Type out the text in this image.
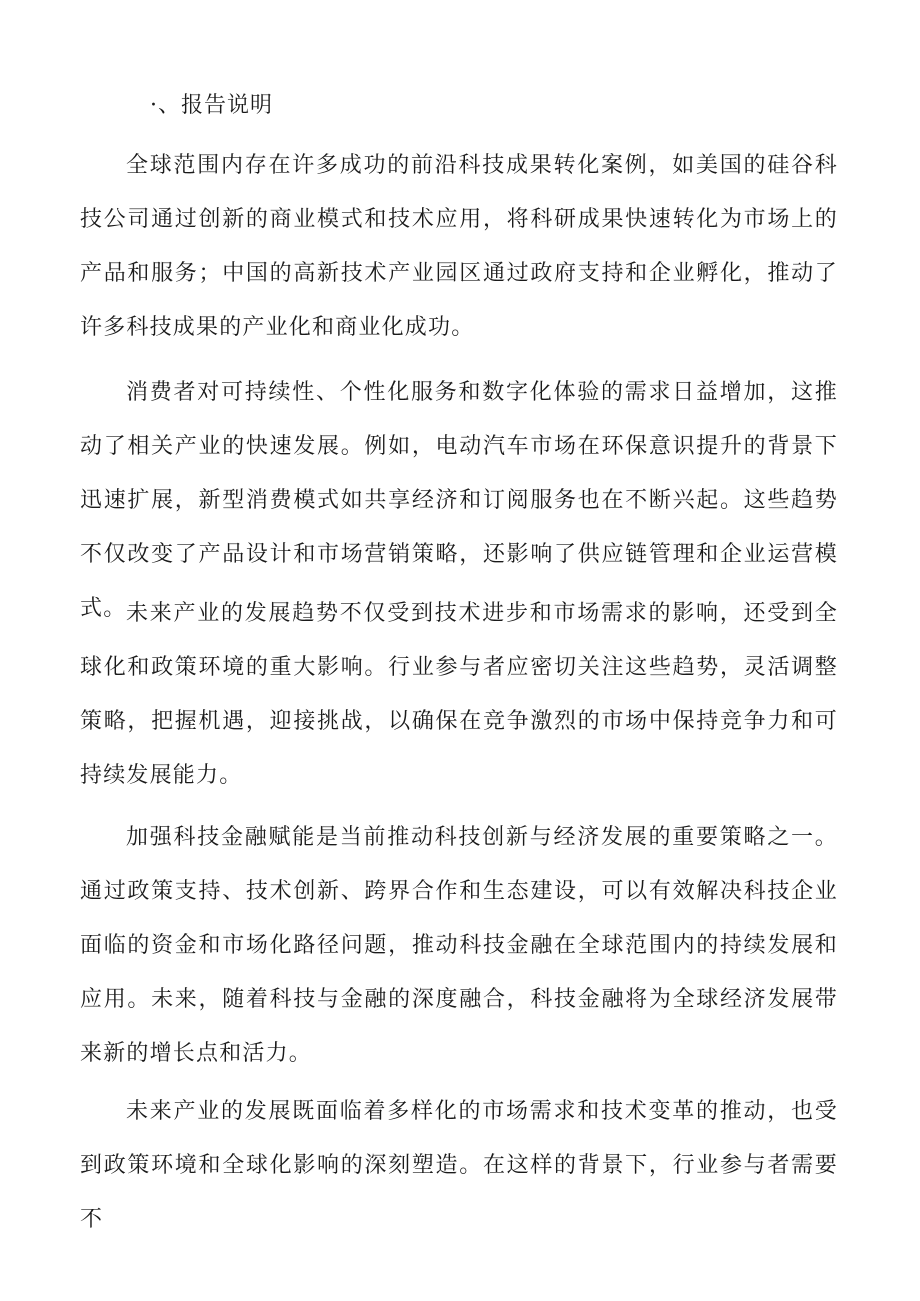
·、报告说明

全球范围内存在许多成功的前沿科技成果转化案例，如美国的硅谷科技公司通过创新的商业模式和技术应用，将科研成果快速转化为市场上的产品和服务；中国的高新技术产业园区通过政府支持和企业孵化，推动了许多科技成果的产业化和商业化成功。

消费者对可持续性、个性化服务和数字化体验的需求日益增加，这推动了相关产业的快速发展。例如，电动汽车市场在环保意识提升的背景下迅速扩展，新型消费模式如共享经济和订阅服务也在不断兴起。这些趋势不仅改变了产品设计和市场营销策略，还影响了供应链管理和企业运营模式。 未来产业的发展趋势不仅受到技术进步和市场需求的影响，还受到全球化和政策环境的重大影响。行业参与者应密切关注这些趋势，灵活调整策略，把握机遇，迎接挑战，以确保在竞争激烈的市场中保持竞争力和可持续发展能力。

加强科技金融赋能是当前推动科技创新与经济发展的重要策略之一。通过政策支持、技术创新、跨界合作和生态建设，可以有效解决科技企业面临的资金和市场化路径问题，推动科技金融在全球范围内的持续发展和应用。未来，随着科技与金融的深度融合，科技金融将为全球经济发展带来新的增长点和活力。

未来产业的发展既面临着多样化的市场需求和技术变革的推动，也受到政策环境和全球化影响的深刻塑造。在这样的背景下，行业参与者需要不
